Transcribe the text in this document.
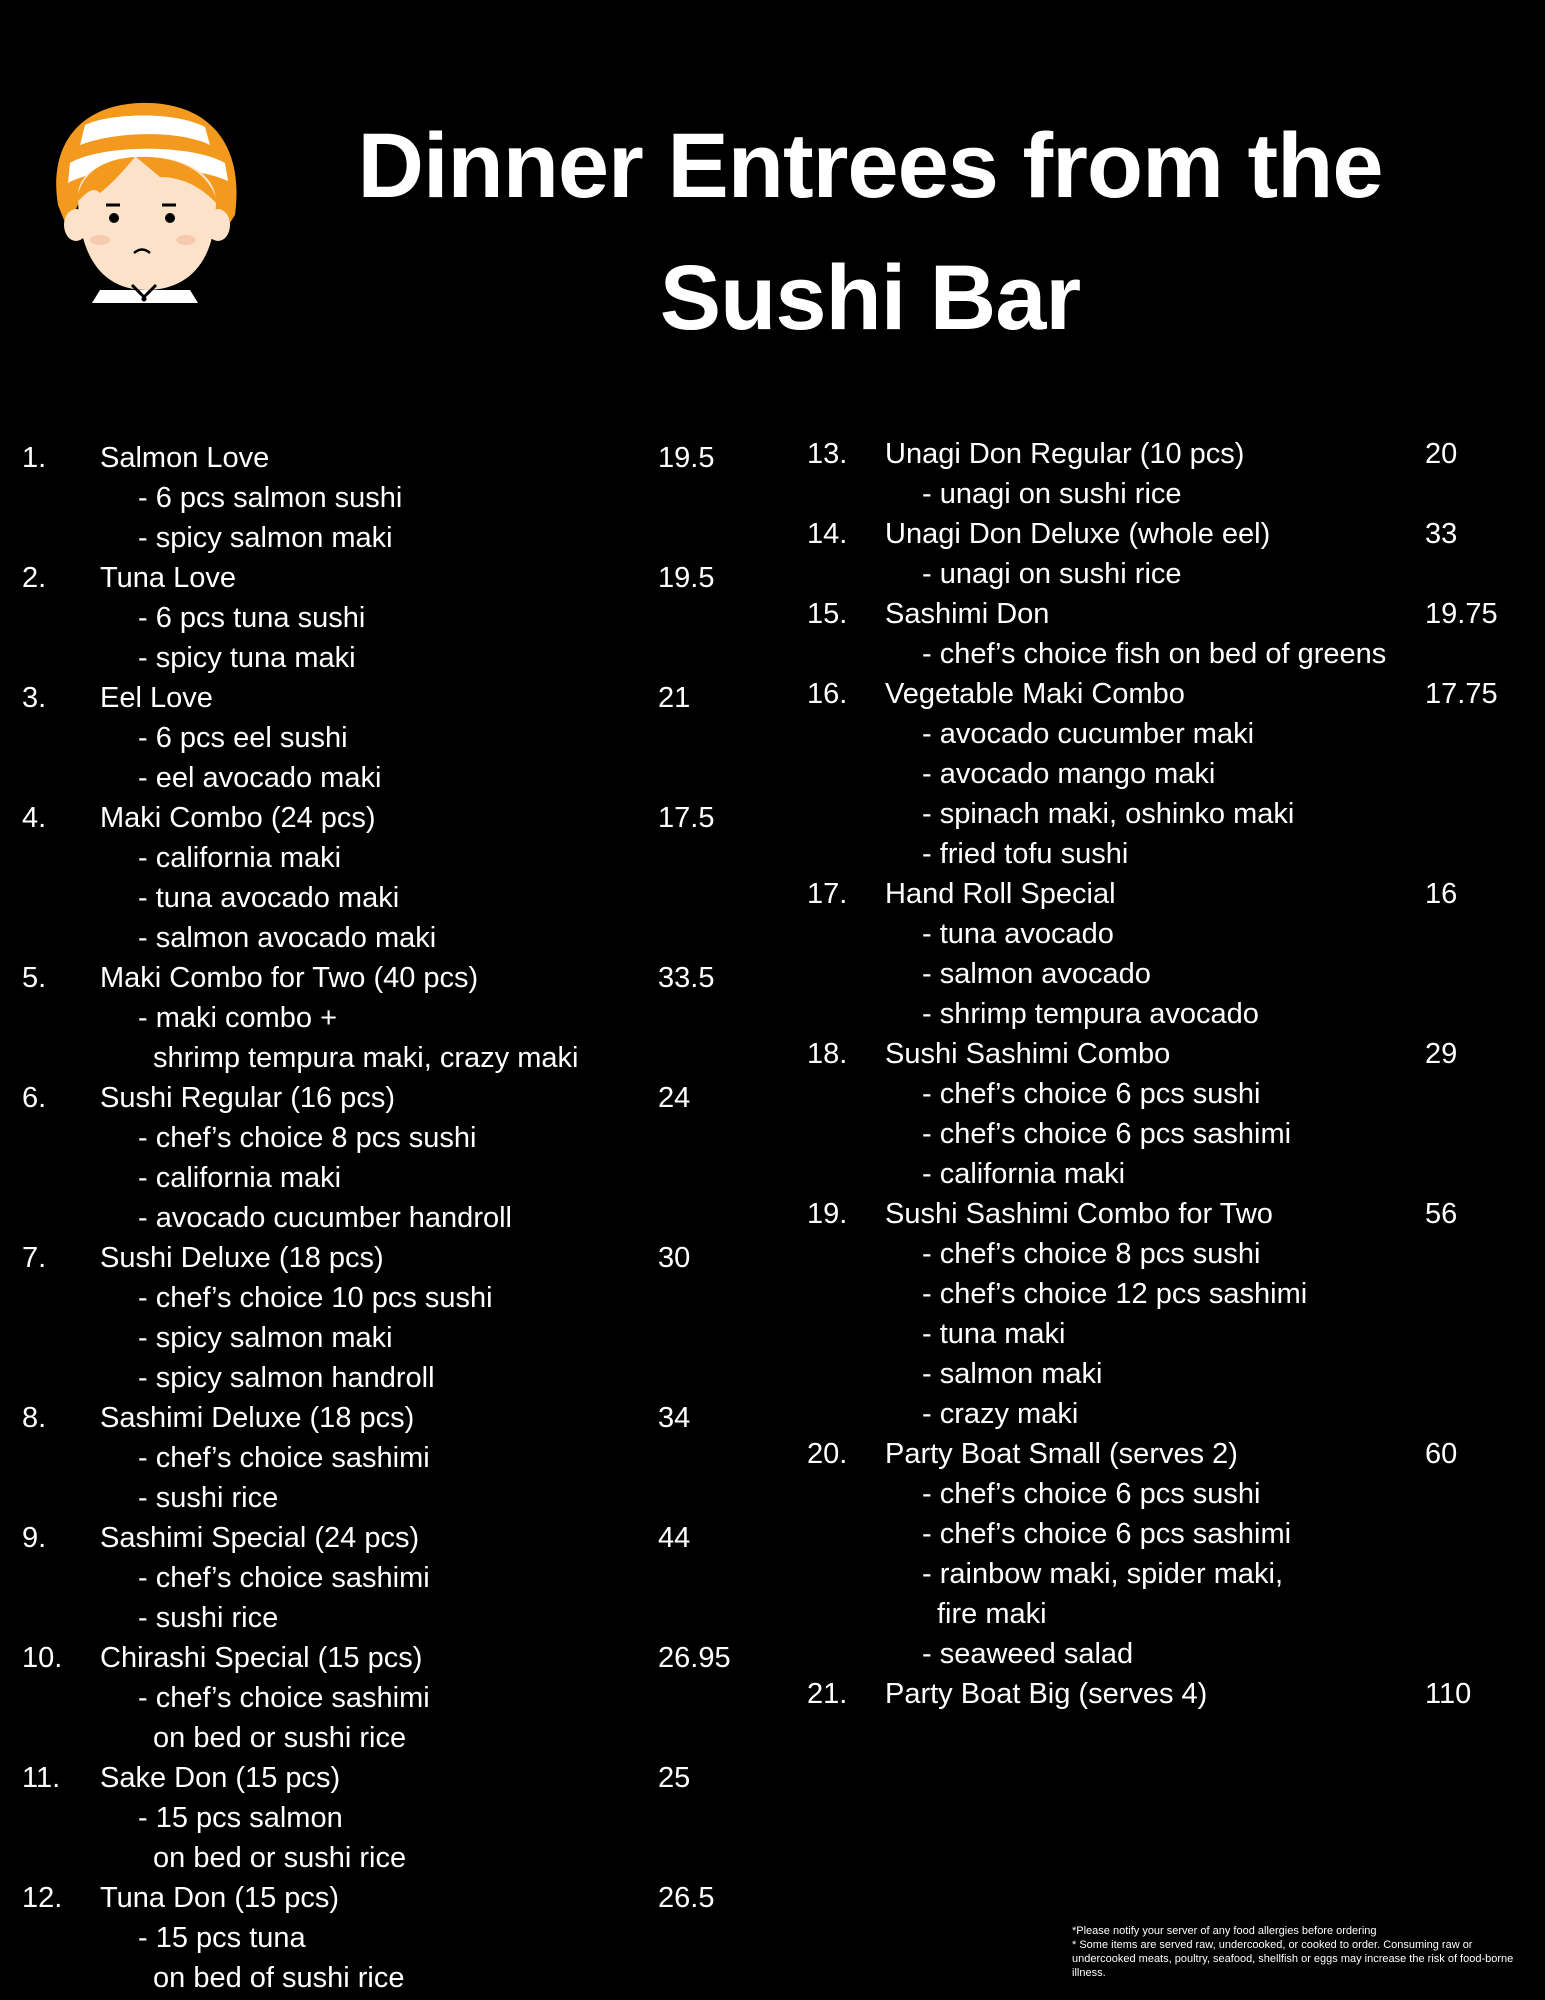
Dinner Entrees from the
Sushi Bar
1. Salmon Love	19.5
- 6 pcs salmon sushi
- spicy salmon maki
2. Tuna Love	19.5
- 6 pcs tuna sushi
- spicy tuna maki
3. Eel Love	21
- 6 pcs eel sushi
- eel avocado maki
4. Maki Combo (24 pcs)	17.5
- california maki
- tuna avocado maki
- salmon avocado maki
5. Maki Combo for Two (40 pcs)	33.5
- maki combo +
shrimp tempura maki, crazy maki
6. Sushi Regular (16 pcs)	24
- chef’s choice 8 pcs sushi
- california maki
- avocado cucumber handroll
7. Sushi Deluxe (18 pcs)	30
- chef’s choice 10 pcs sushi
- spicy salmon maki
- spicy salmon handroll
8. Sashimi Deluxe (18 pcs)	34
- chef’s choice sashimi
- sushi rice
9. Sashimi Special (24 pcs)	44
- chef’s choice sashimi
- sushi rice
10. Chirashi Special (15 pcs)	26.95
- chef’s choice sashimi
on bed or sushi rice
11. Sake Don (15 pcs)	25
- 15 pcs salmon
on bed or sushi rice
12. Tuna Don (15 pcs)	26.5
- 15 pcs tuna
on bed of sushi rice
13. Unagi Don Regular (10 pcs)	20
- unagi on sushi rice
14. Unagi Don Deluxe (whole eel)	33
- unagi on sushi rice
15. Sashimi Don	19.75
- chef’s choice fish on bed of greens
16. Vegetable Maki Combo	17.75
- avocado cucumber maki
- avocado mango maki
- spinach maki, oshinko maki
- fried tofu sushi
17. Hand Roll Special	16
- tuna avocado
- salmon avocado
- shrimp tempura avocado
18. Sushi Sashimi Combo	29
- chef’s choice 6 pcs sushi
- chef’s choice 6 pcs sashimi
- california maki
19. Sushi Sashimi Combo for Two	56
- chef’s choice 8 pcs sushi
- chef’s choice 12 pcs sashimi
- tuna maki
- salmon maki
- crazy maki
20. Party Boat Small (serves 2)	60
- chef’s choice 6 pcs sushi
- chef’s choice 6 pcs sashimi
- rainbow maki, spider maki,
fire maki
- seaweed salad
21. Party Boat Big (serves 4)	110
*Please notify your server of any food allergies before ordering
* Some items are served raw, undercooked, or cooked to order. Consuming raw or undercooked meats, poultry, seafood, shellfish or eggs may increase the risk of food-borne illness.
